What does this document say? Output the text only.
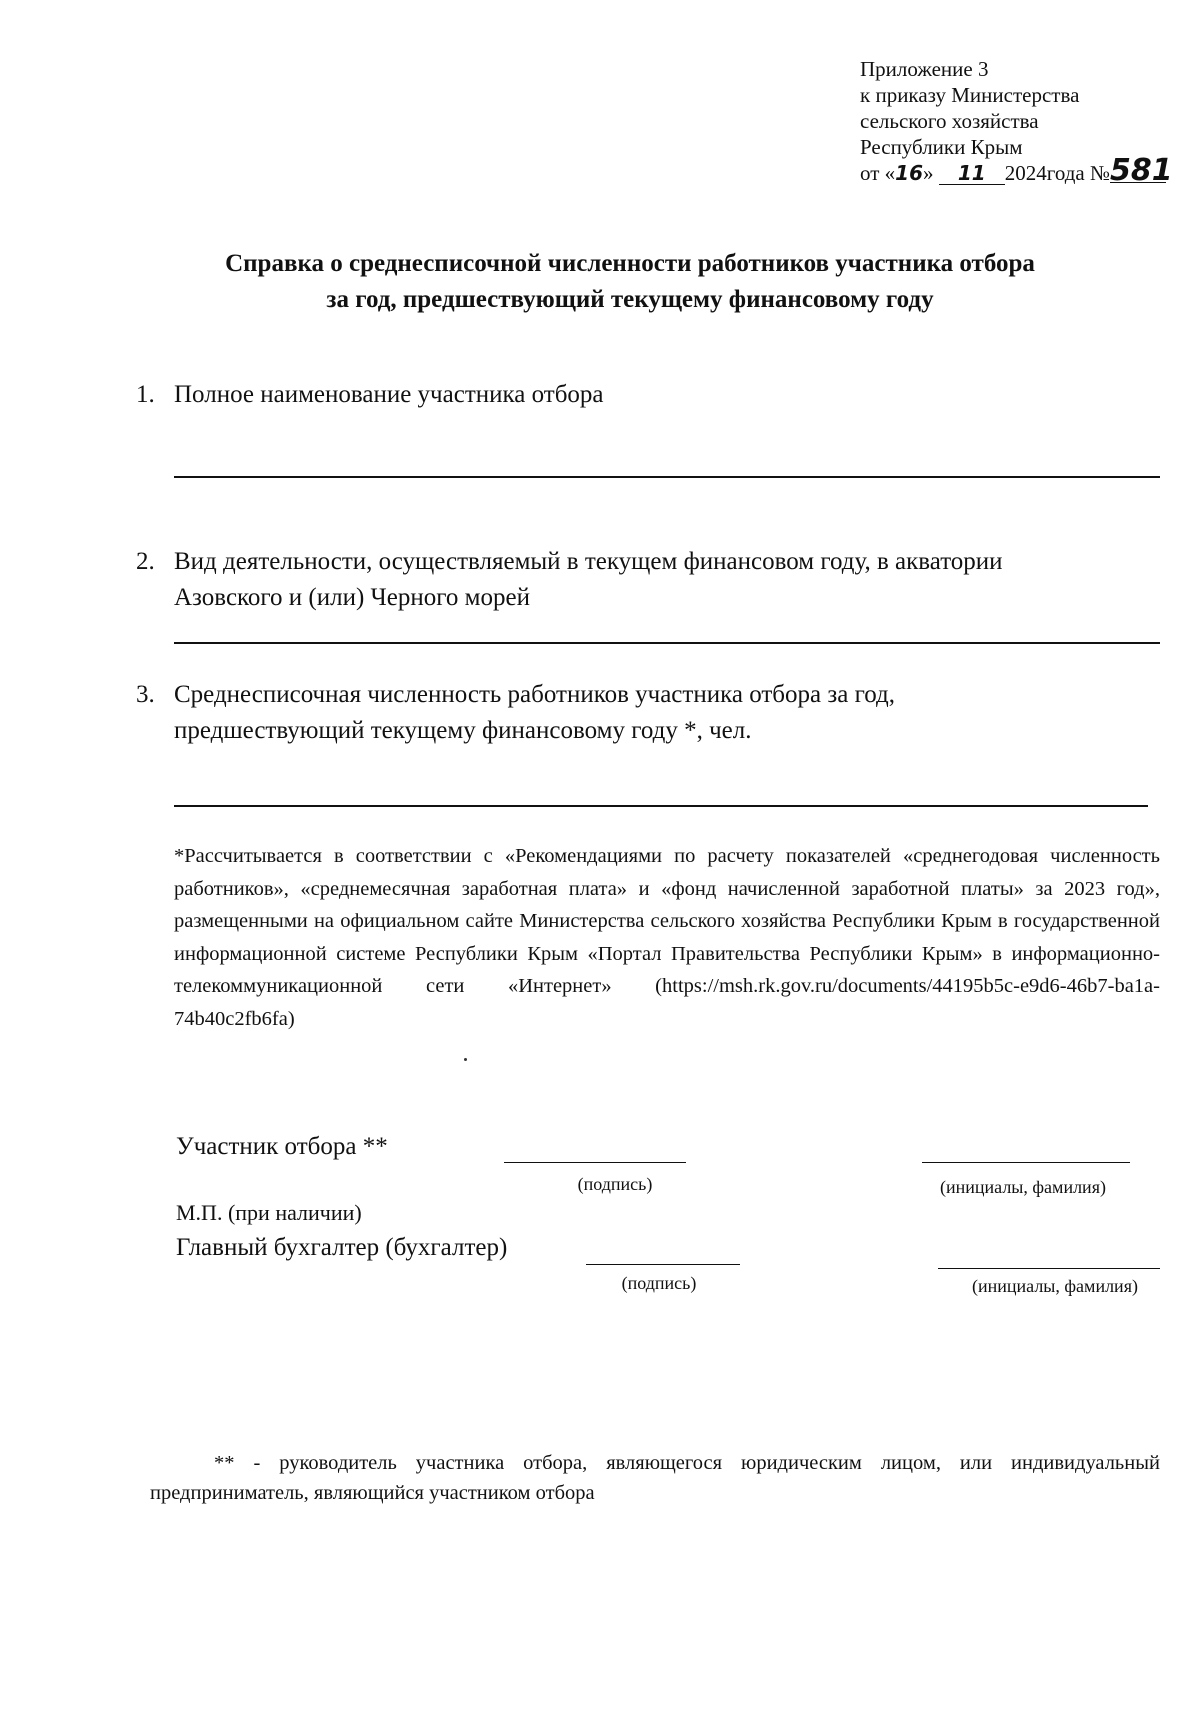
Приложение 3
к приказу Министерства
сельского хозяйства
Республики Крым
от «16» 11 2024года №581
Справка о среднесписочной численности работников участника отбора
за год, предшествующий текущему финансовому году
1. Полное наименование участника отбора
2. Вид деятельности, осуществляемый в текущем финансовом году, в акватории
Азовского и (или) Черного морей
3. Среднесписочная численность работников участника отбора за год,
предшествующий текущему финансовому году *, чел.
*Рассчитывается в соответствии с «Рекомендациями по расчету показателей «среднегодовая численность работников», «среднемесячная заработная плата» и «фонд начисленной заработной платы» за 2023 год», размещенными на официальном сайте Министерства сельского хозяйства Республики Крым в государственной информационной системе Республики Крым «Портал Правительства Республики Крым» в информационно-телекоммуникационной сети «Интернет» (https://msh.rk.gov.ru/documents/44195b5c-e9d6-46b7-ba1a-74b40c2fb6fa)
Участник отбора **
(подпись)	(инициалы, фамилия)
М.П. (при наличии)
Главный бухгалтер (бухгалтер)
(подпись)	(инициалы, фамилия)
** - руководитель участника отбора, являющегося юридическим лицом, или индивидуальный предприниматель, являющийся участником отбора
